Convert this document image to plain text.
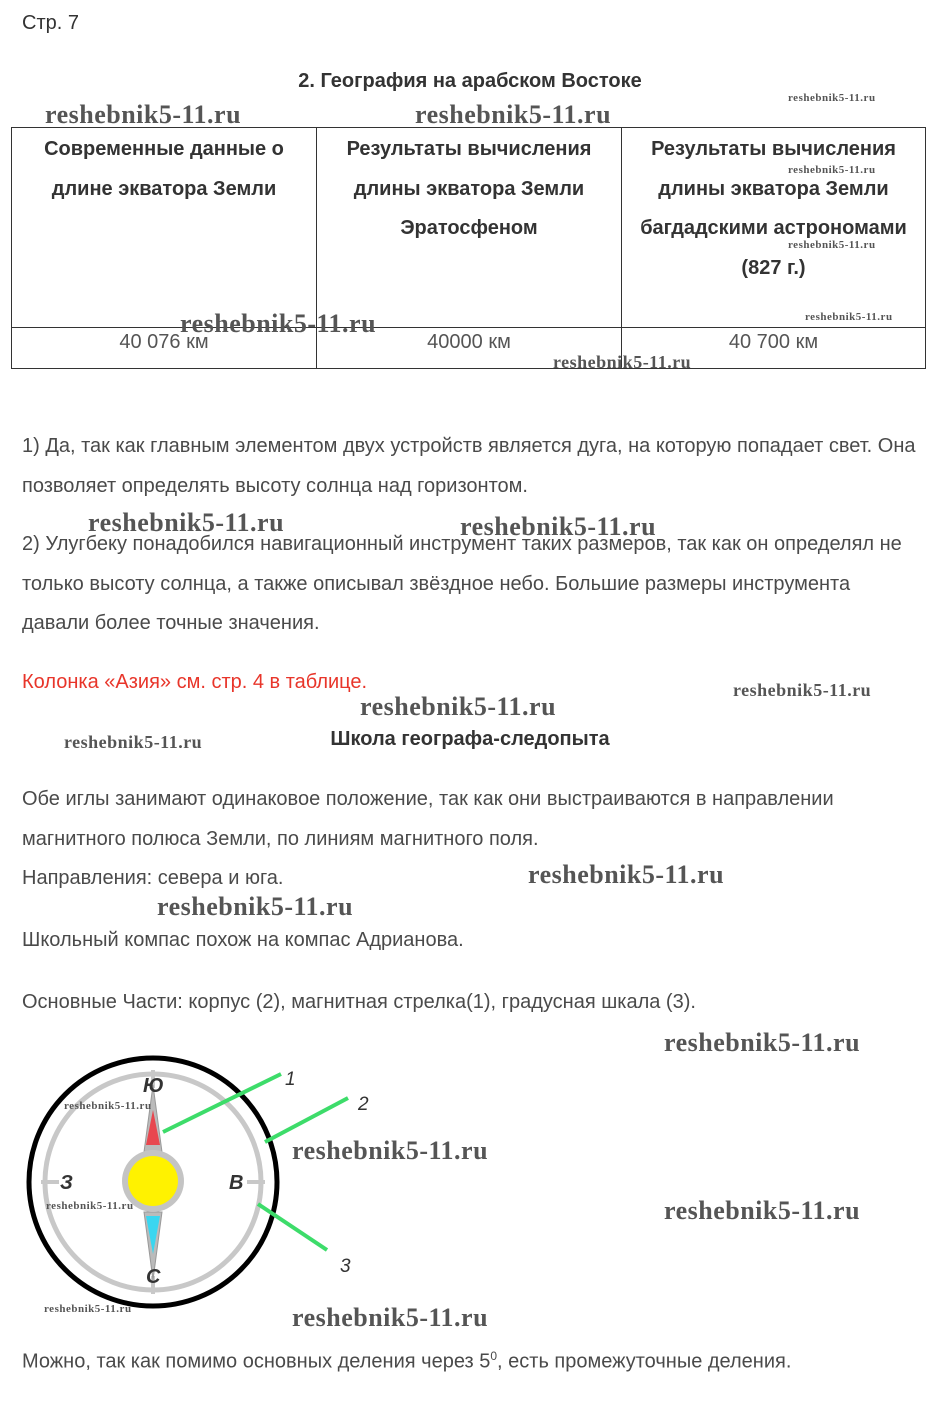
Стр. 7
2. География на арабском Востоке
Современные данные о длине экватора Земли	Результаты вычисления длины экватора Земли Эратосфеном	Результаты вычисления длины экватора Земли багдадскими астрономами (827 г.)
40 076 км	40000 км	40 700 км
1) Да, так как главным элементом двух устройств является дуга, на которую попадает свет. Она позволяет определять высоту солнца над горизонтом.
2) Улугбеку понадобился навигационный инструмент таких размеров, так как он определял не только высоту солнца, а также описывал звёздное небо. Большие размеры инструмента давали более точные значения.
Колонка «Азия» см. стр. 4 в таблице.
Школа географа-следопыта
Обе иглы занимают одинаковое положение, так как они выстраиваются в направлении магнитного полюса Земли, по линиям магнитного поля.
Направления: севера и юга.
Школьный компас похож на компас Адрианова.
Основные Части: корпус (2), магнитная стрелка(1), градусная шкала (3).
Можно, так как помимо основных деления через $5^0$, есть промежуточные деления.
Ю
С
З	В
1
2
3
reshebnik5-11.ru	reshebnik5-11.ru
reshebnik5-11.ru
reshebnik5-11.ru
reshebnik5-11.ru
reshebnik5-11.ru	reshebnik5-11.ru
reshebnik5-11.ru
reshebnik5-11.ru	reshebnik5-11.ru
reshebnik5-11.ru
reshebnik5-11.ru
reshebnik5-11.ru
reshebnik5-11.ru
reshebnik5-11.ru
reshebnik5-11.ru
reshebnik5-11.ru
reshebnik5-11.ru
reshebnik5-11.ru	reshebnik5-11.ru
reshebnik5-11.ru	reshebnik5-11.ru
